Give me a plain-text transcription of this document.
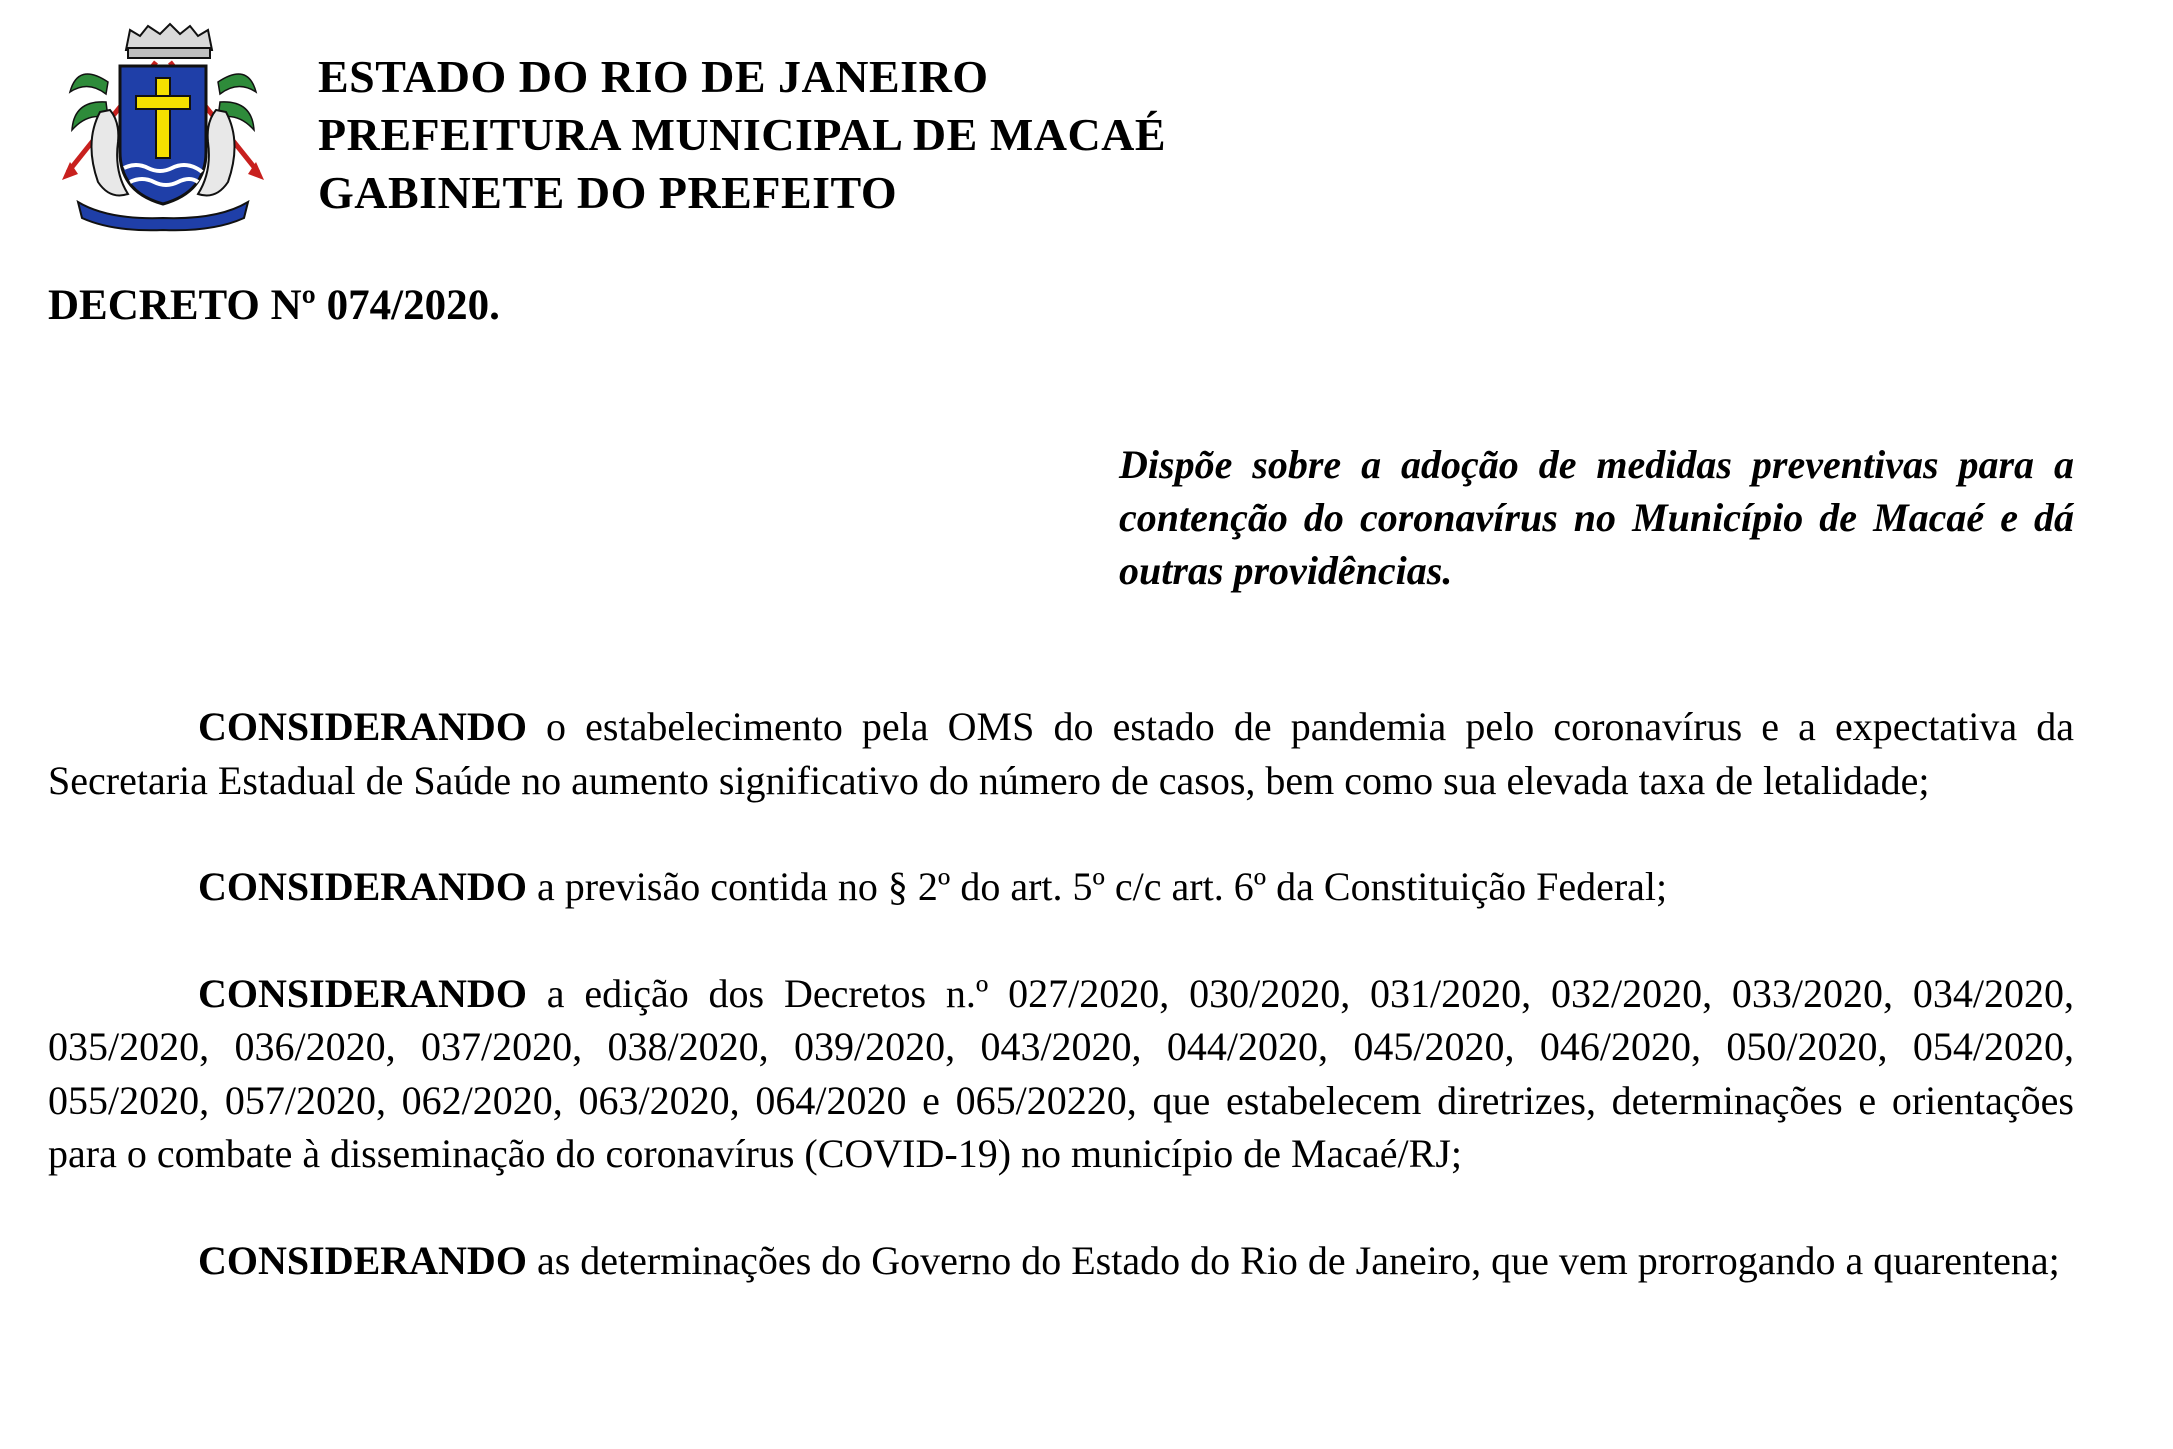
ESTADO DO RIO DE JANEIRO
PREFEITURA MUNICIPAL DE MACAÉ
GABINETE DO PREFEITO
DECRETO Nº 074/2020.
Dispõe sobre a adoção de medidas preventivas para a contenção do coronavírus no Município de Macaé e dá outras providências.

CONSIDERANDO o estabelecimento pela OMS do estado de pandemia pelo coronavírus e a expectativa da Secretaria Estadual de Saúde no aumento significativo do número de casos, bem como sua elevada taxa de letalidade;

CONSIDERANDO a previsão contida no § 2º do art. 5º c/c art. 6º da Constituição Federal;

CONSIDERANDO a edição dos Decretos n.º 027/2020, 030/2020, 031/2020, 032/2020, 033/2020, 034/2020, 035/2020, 036/2020, 037/2020, 038/2020, 039/2020, 043/2020, 044/2020, 045/2020, 046/2020, 050/2020, 054/2020, 055/2020, 057/2020, 062/2020, 063/2020, 064/2020 e 065/20220, que estabelecem diretrizes, determinações e orientações para o combate à disseminação do coronavírus (COVID-19) no município de Macaé/RJ;

CONSIDERANDO as determinações do Governo do Estado do Rio de Janeiro, que vem prorrogando a quarentena;
